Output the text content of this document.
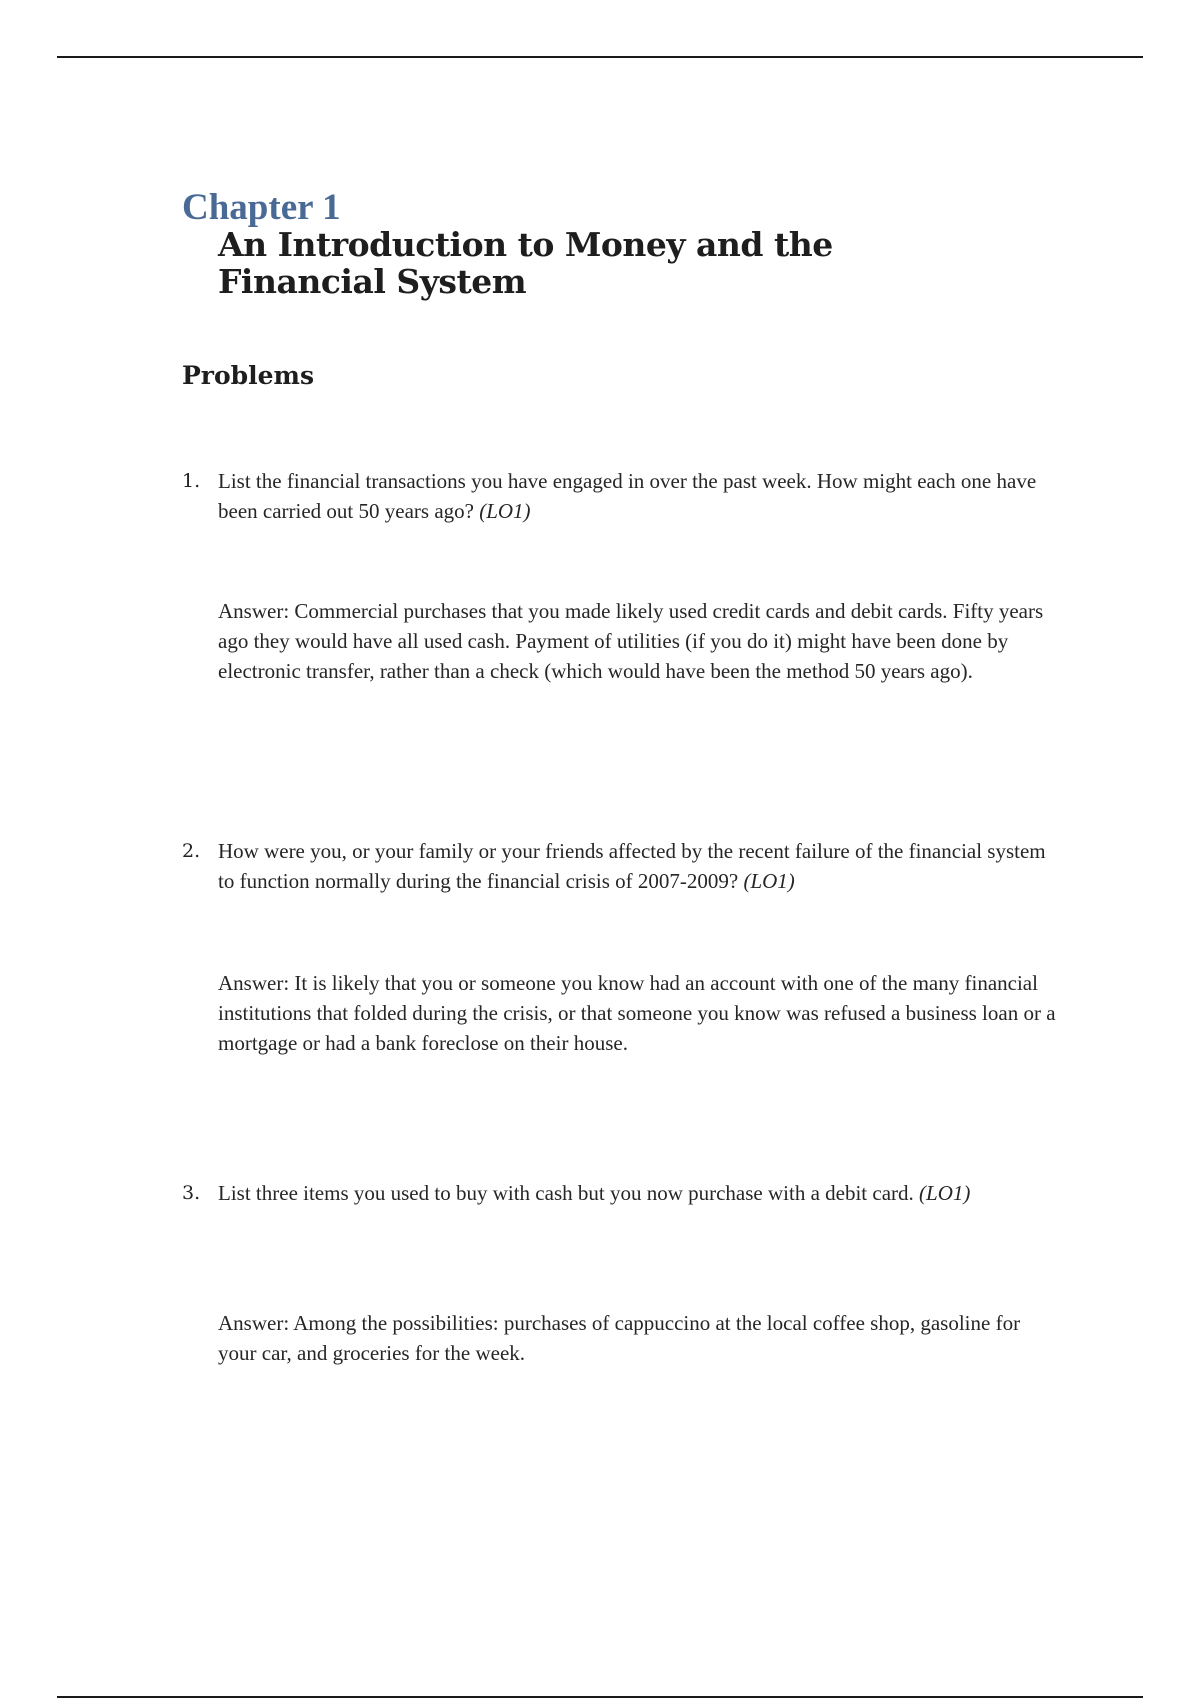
Chapter 1
An Introduction to Money and the Financial System
Problems
1. List the financial transactions you have engaged in over the past week. How might each one have been carried out 50 years ago? (LO1)

Answer: Commercial purchases that you made likely used credit cards and debit cards. Fifty years ago they would have all used cash. Payment of utilities (if you do it) might have been done by electronic transfer, rather than a check (which would have been the method 50 years ago).

2. How were you, or your family or your friends affected by the recent failure of the financial system to function normally during the financial crisis of 2007-2009? (LO1)

Answer: It is likely that you or someone you know had an account with one of the many financial institutions that folded during the crisis, or that someone you know was refused a business loan or a mortgage or had a bank foreclose on their house.

3. List three items you used to buy with cash but you now purchase with a debit card. (LO1)

Answer: Among the possibilities: purchases of cappuccino at the local coffee shop, gasoline for your car, and groceries for the week.
